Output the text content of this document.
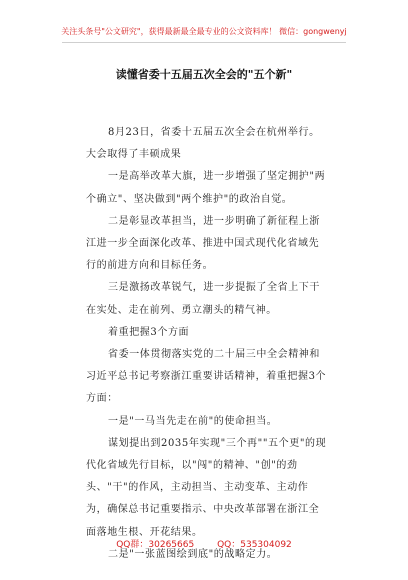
关注头条号"公文研究"，获得最新最全最专业的公文资料库！ 微信：gongwenyj
读懂省委十五届五次全会的"五个新"

8月23日，省委十五届五次全会在杭州举行。大会取得了丰硕成果

一是高举改革大旗，进一步增强了坚定拥护"两个确立"、坚决做到"两个维护"的政治自觉。

二是彰显改革担当，进一步明确了新征程上浙江进一步全面深化改革、推进中国式现代化省域先行的前进方向和目标任务。

三是激扬改革锐气，进一步提振了全省上下干在实处、走在前列、勇立潮头的精气神。

着重把握3个方面

省委一体贯彻落实党的二十届三中全会精神和习近平总书记考察浙江重要讲话精神，着重把握3个方面：

一是"一马当先走在前"的使命担当。

谋划提出到2035年实现"三个再""五个更"的现代化省域先行目标，以"闯"的精神、"创"的劲头、"干"的作风，主动担当、主动变革、主动作为，确保总书记重要指示、中央改革部署在浙江全面落地生根、开花结果。

二是"一张蓝图绘到底"的战略定力。

QQ群：30265665	QQ：535304092
